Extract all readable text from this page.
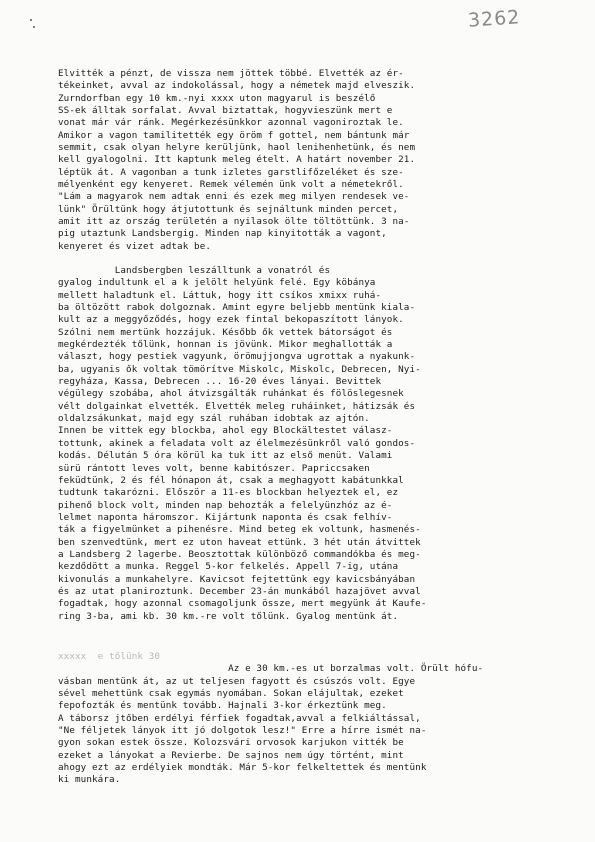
3262
Elvitték a pénzt, de vissza nem jöttek többé. Elvették az ér-
tékeinket, avval az indokolással, hogy a németek majd elveszik.
Zurndorfban egy 10 km.-nyi xxxx uton magyarul is beszélő
SS-ek álltak sorfalat. Avval biztattak, hogyvieszünk mert e
vonat már vár ránk. Megérkezésünkkor azonnal vagoniroztak le.
Amikor a vagon tamilitették egy öröm f gottel, nem bántunk már
semmit, csak olyan helyre kerüljünk, haol lenihenhetünk, és nem
kell gyalogolni. Itt kaptunk meleg ételt. A határt november 21.
léptük át. A vagonban a tunk izletes garstlifőzeléket és sze-
mélyenként egy kenyeret. Remek vélemén ünk volt a németekről.
"Lám a magyarok nem adtak enni és ezek meg milyen rendesek ve-
lünk" Örültünk hogy átjutottunk és sejnáltunk minden percet,
amit itt az ország területén a nyilasok ölte töltöttünk. 3 na-
pig utaztunk Landsbergig. Minden nap kinyitották a vagont,
kenyeret és vizet adtak be.
Landsbergben leszálltunk a vonatról és
gyalog indultunk el a k jelölt helyünk felé. Egy köbánya
mellett haladtunk el. Láttuk, hogy itt csíkos xmixx ruhá-
ba öltözött rabok dolgoznak. Amint egyre beljebb mentünk kiala-
kult az a meggyőződés, hogy ezek fintal bekopaszított lányok.
Szólni nem mertünk hozzájuk. Később ők vettek bátorságot és
megkérdezték tőlünk, honnan is jövünk. Mikor meghallották a
választ, hogy pestiek vagyunk, örömujjongva ugrottak a nyakunk-
ba, ugyanis ők voltak tömörítve Miskolc, Miskolc, Debrecen, Nyi-
regyháza, Kassa, Debrecen ... 16-20 éves lányai. Bevittek
végülegy szobába, ahol átvizsgálták ruhánkat és fölöslegesnek
vélt dolgainkat elvették. Elvették meleg ruháinket, hátizsák és
oldalzsákunkat, majd egy szál ruhában idobtak az ajtón.
Innen be vittek egy blockba, ahol egy Blockältestet válasz-
tottunk, akinek a feladata volt az élelmezésünkről való gondos-
kodás. Délután 5 óra körül ka tuk itt az első menüt. Valami
sürü rántott leves volt, benne kabitószer. Papriccsaken
feküdtünk, 2 és fél hónapon át, csak a meghagyott kabátunkkal
tudtunk takarózni. Először a 11-es blockban helyeztek el, ez
pihenő block volt, minden nap behozták a felelyünzhóz az é-
lelmet naponta háromszor. Kijártunk naponta és csak felhív-
ták a figyelmünket a pihenésre. Mind beteg ek voltunk, hasmenés-
ben szenvedtünk, mert ez uton haveat ettünk. 3 hét után átvittek
a Landsberg 2 lagerbe. Beosztottak különböző commandókba és meg-
kezdődött a munka. Reggel 5-kor felkelés. Appell 7-ig, utána
kivonulás a munkahelyre. Kavicsot fejtettünk egy kavicsbányában
és az utat planiroztunk. December 23-án munkából hazajövet avval
fogadtak, hogy azonnal csomagoljunk össze, mert megyünk át Kaufe-
ring 3-ba, ami kb. 30 km.-re volt tőlünk. Gyalog mentünk át.
xxxxx  e tőlünk 30
Az e 30 km.-es ut borzalmas volt. Örült hófu-
vásban mentünk át, az ut teljesen fagyott és csúszós volt. Egye
sével mehettünk csak egymás nyomában. Sokan elájultak, ezeket
fepofozták és mentünk tovább. Hajnali 3-kor érkeztünk meg.
A táborsz jtőben erdélyi férfiek fogadtak,avval a felkiáltással,
"Ne féljetek lányok itt jó dolgotok lesz!" Erre a hírre ismét na-
gyon sokan estek össze. Kolozsvári orvosok karjukon vitték be
ezeket a lányokat a Revierbe. De sajnos nem úgy történt, mint
ahogy ezt az erdélyiek mondták. Már 5-kor felkeltettek és mentünk
ki munkára.
